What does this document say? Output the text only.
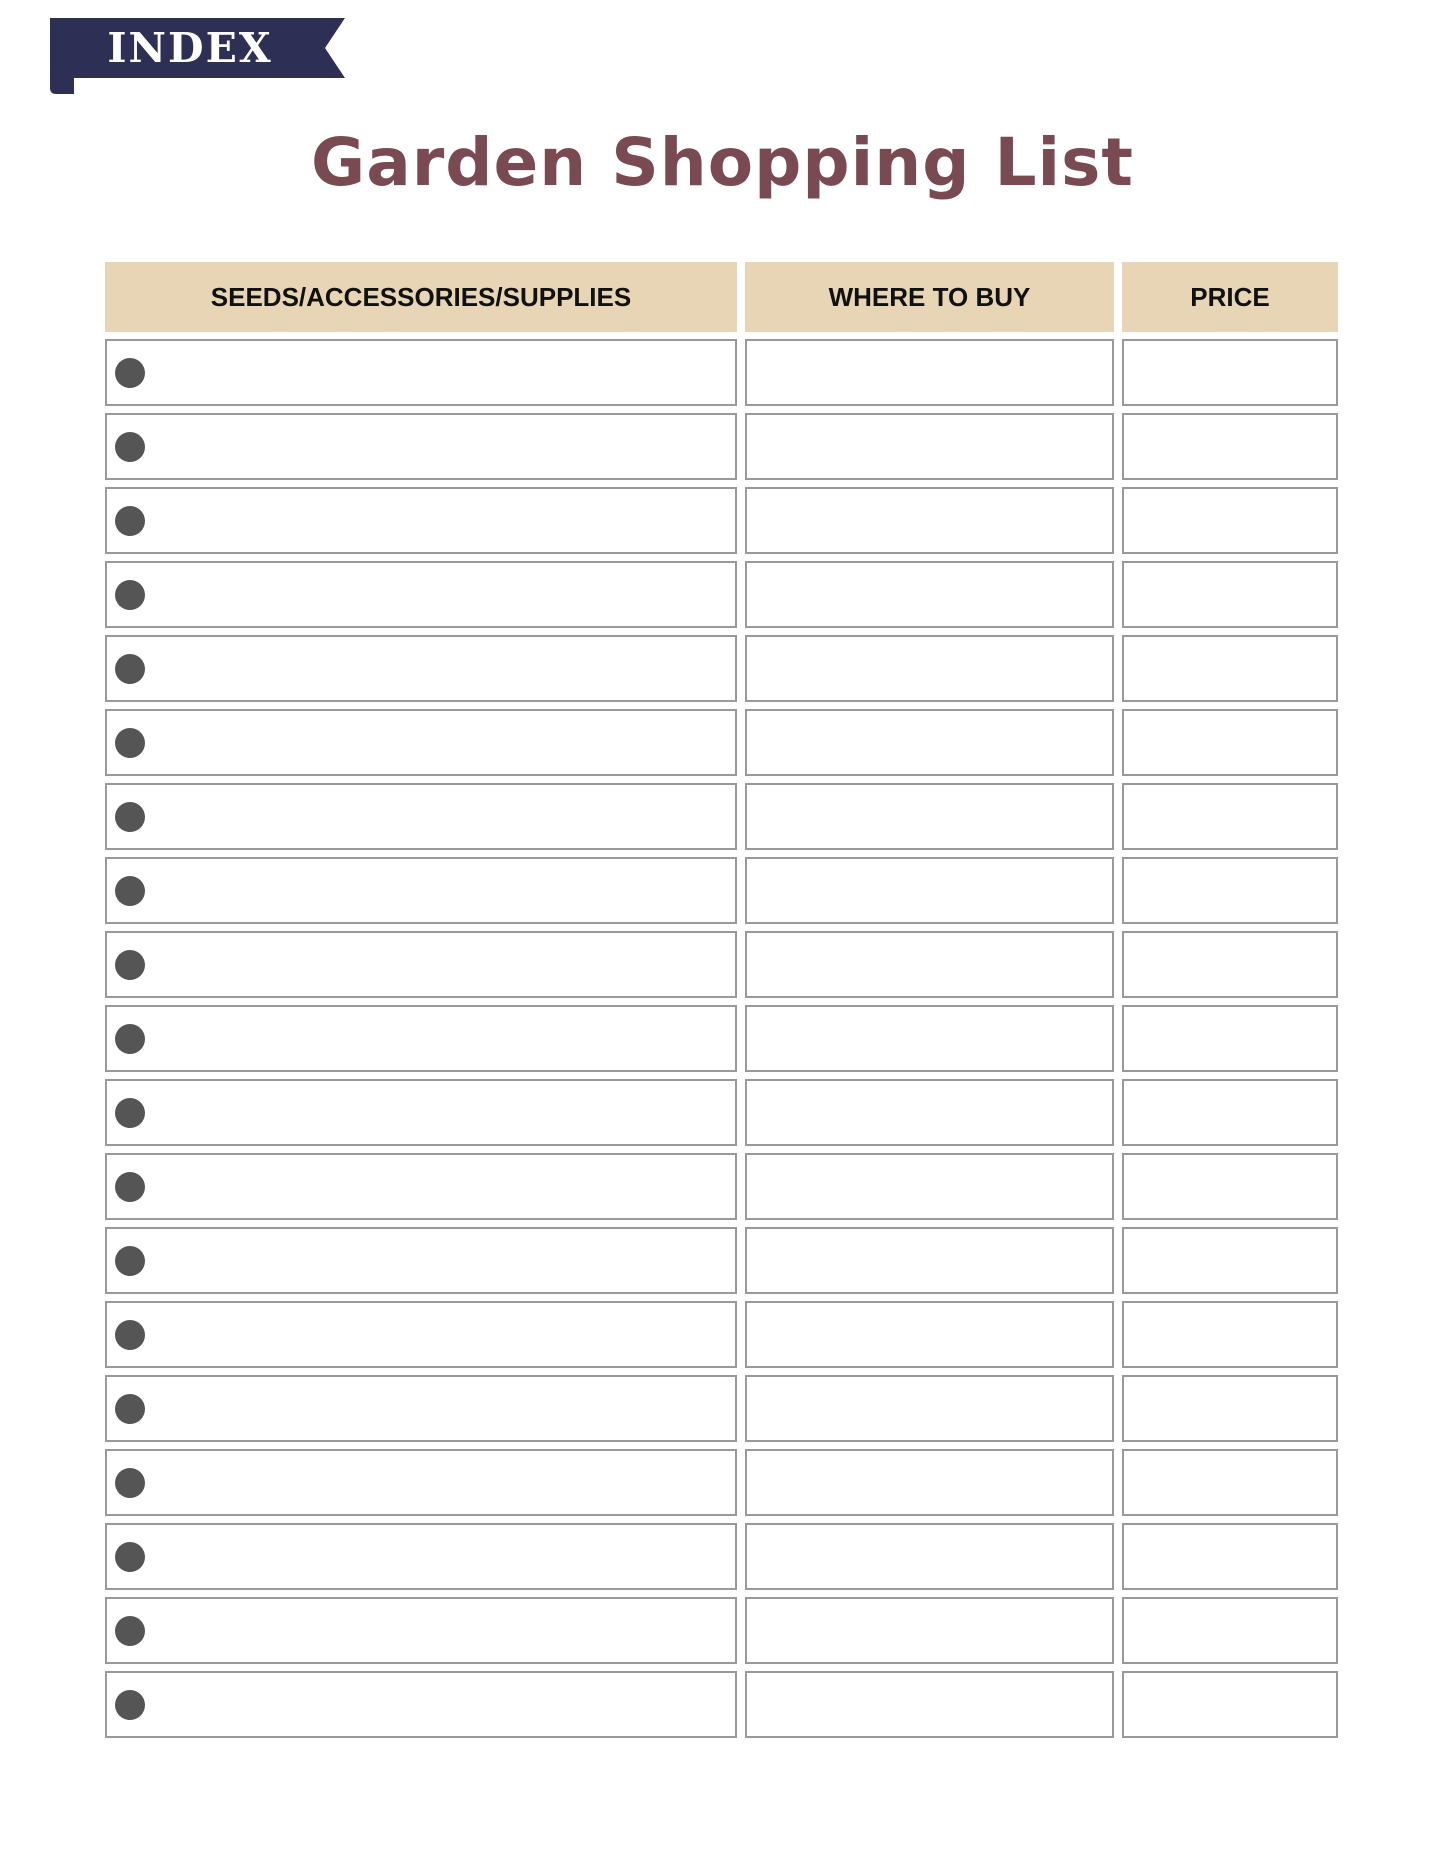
INDEX
Garden Shopping List
SEEDS/ACCESSORIES/SUPPLIES	WHERE TO BUY	PRICE
